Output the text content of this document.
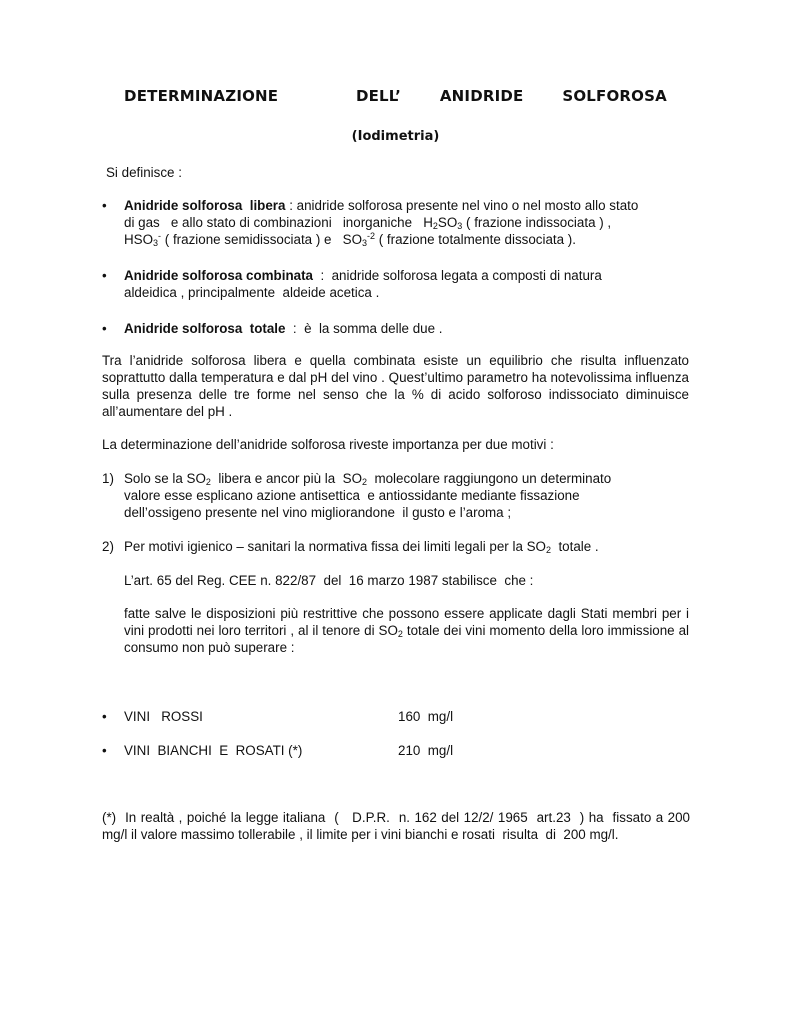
DETERMINAZIONE    DELL’  ANIDRIDE  SOLFOROSA
(Iodimetria)
Si definisce :
• Anidride solforosa  libera : anidride solforosa presente nel vino o nel mosto allo stato
di gas   e allo stato di combinazioni   inorganiche   $H_2SO_3$ ( frazione indissociata ) ,
$HSO_3^-$ ( frazione semidissociata ) e   $SO_3^{-2}$ ( frazione totalmente dissociata ).
• Anidride solforosa combinata  :  anidride solforosa legata a composti di natura
aldeidica , principalmente  aldeide acetica .
• Anidride solforosa  totale  :  è  la somma delle due .
Tra l’anidride solforosa libera e quella combinata esiste un equilibrio che risulta influenzato soprattutto dalla temperatura e dal pH del vino . Quest’ultimo parametro ha notevolissima influenza sulla presenza delle tre forme nel senso che la % di acido solforoso indissociato diminuisce all’aumentare del pH .
La determinazione dell’anidride solforosa riveste importanza per due motivi :
1) Solo se la $SO_2$  libera e ancor più la  $SO_2$  molecolare raggiungono un determinato
valore esse esplicano azione antisettica  e antiossidante mediante fissazione
dell’ossigeno presente nel vino migliorandone  il gusto e l’aroma ;
2) Per motivi igienico – sanitari la normativa fissa dei limiti legali per la $SO_2$  totale .
L’art. 65 del Reg. CEE n. 822/87  del  16 marzo 1987 stabilisce  che :
fatte salve le disposizioni più restrittive che possono essere applicate dagli Stati membri per i vini prodotti nei loro territori , al il tenore di $SO_2$ totale dei vini momento della loro immissione al consumo non può superare :
• VINI   ROSSI	160  mg/l
• VINI  BIANCHI  E  ROSATI (*)	210  mg/l
(*)  In realtà , poiché la legge italiana  (   D.P.R.  n. 162 del 12/2/ 1965  art.23  ) ha  fissato a 200 mg/l il valore massimo tollerabile , il limite per i vini bianchi e rosati  risulta  di  200 mg/l.
